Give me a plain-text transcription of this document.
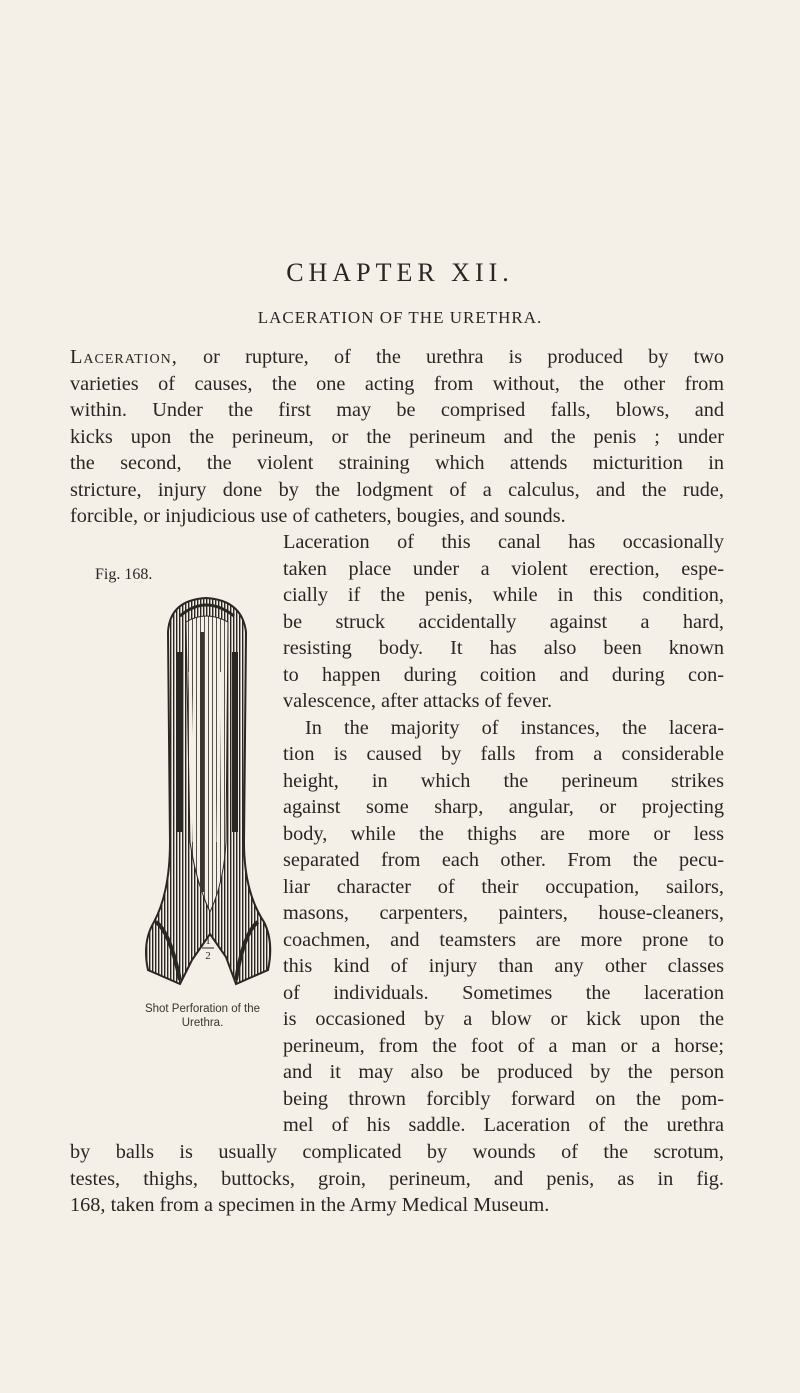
CHAPTER XII.
LACERATION OF THE URETHRA.
Laceration, or rupture, of the urethra is produced by two
varieties of causes, the one acting from without, the other from
within. Under the first may be comprised falls, blows, and
kicks upon the perineum, or the perineum and the penis ; under
the second, the violent straining which attends micturition in
stricture, injury done by the lodgment of a calculus, and the rude,
forcible, or injudicious use of catheters, bougies, and sounds.
Fig. 168.
1
2
Shot Perforation of the
Urethra.
Laceration of this canal has occasionally
taken place under a violent erection, espe-
cially if the penis, while in this condition,
be struck accidentally against a hard,
resisting body. It has also been known
to happen during coition and during con-
valescence, after attacks of fever.
In the majority of instances, the lacera-
tion is caused by falls from a considerable
height, in which the perineum strikes
against some sharp, angular, or projecting
body, while the thighs are more or less
separated from each other. From the pecu-
liar character of their occupation, sailors,
masons, carpenters, painters, house-cleaners,
coachmen, and teamsters are more prone to
this kind of injury than any other classes
of individuals. Sometimes the laceration
is occasioned by a blow or kick upon the
perineum, from the foot of a man or a horse;
and it may also be produced by the person
being thrown forcibly forward on the pom-
mel of his saddle. Laceration of the urethra
by balls is usually complicated by wounds of the scrotum,
testes, thighs, buttocks, groin, perineum, and penis, as in fig.
168, taken from a specimen in the Army Medical Museum.
